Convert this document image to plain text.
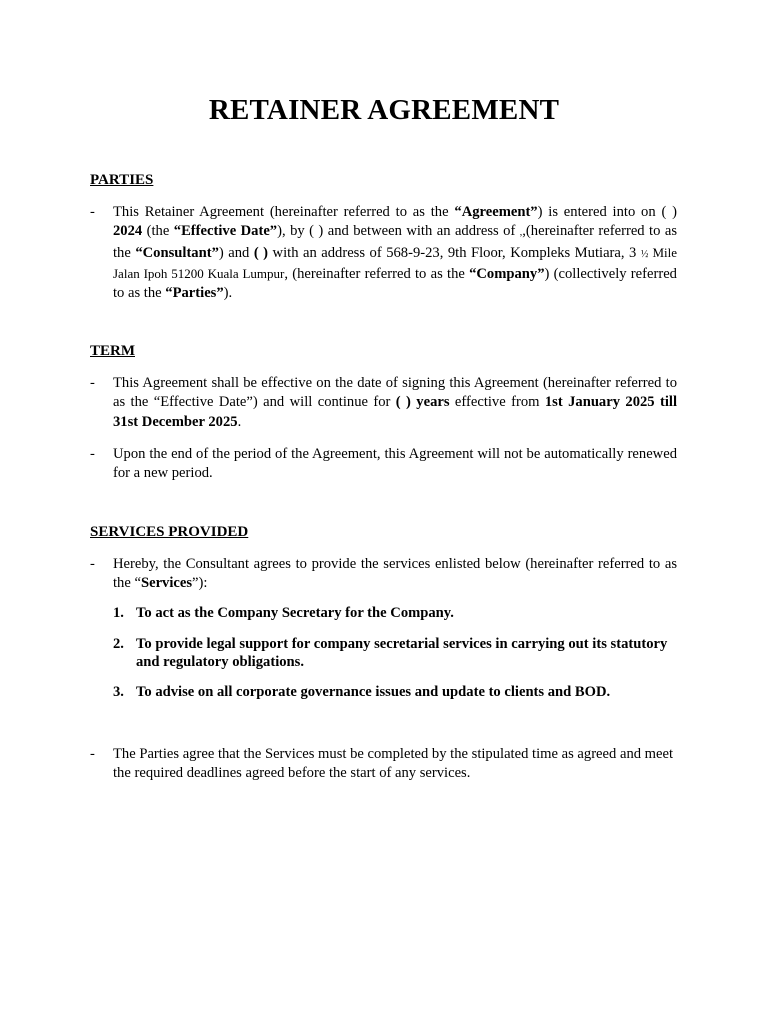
RETAINER AGREEMENT
PARTIES
- This Retainer Agreement (hereinafter referred to as the “Agreement”) is entered into on ( ) 2024 (the “Effective Date”), by ( ) and between with an address of ,,(hereinafter referred to as the “Consultant”) and ( ) with an address of 568-9-23, 9th Floor, Kompleks Mutiara, 3 ½ Mile Jalan Ipoh 51200 Kuala Lumpur, (hereinafter referred to as the “Company”) (collectively referred to as the “Parties”).
TERM
- This Agreement shall be effective on the date of signing this Agreement (hereinafter referred to as the “Effective Date”) and will continue for ( ) years effective from 1st January 2025 till 31st December 2025.
- Upon the end of the period of the Agreement, this Agreement will not be automatically renewed for a new period.
SERVICES PROVIDED
- Hereby, the Consultant agrees to provide the services enlisted below (hereinafter referred to as the “Services”):
1. To act as the Company Secretary for the Company.
2. To provide legal support for company secretarial services in carrying out its statutory and regulatory obligations.
3. To advise on all corporate governance issues and update to clients and BOD.
- The Parties agree that the Services must be completed by the stipulated time as agreed and meet the required deadlines agreed before the start of any services.
